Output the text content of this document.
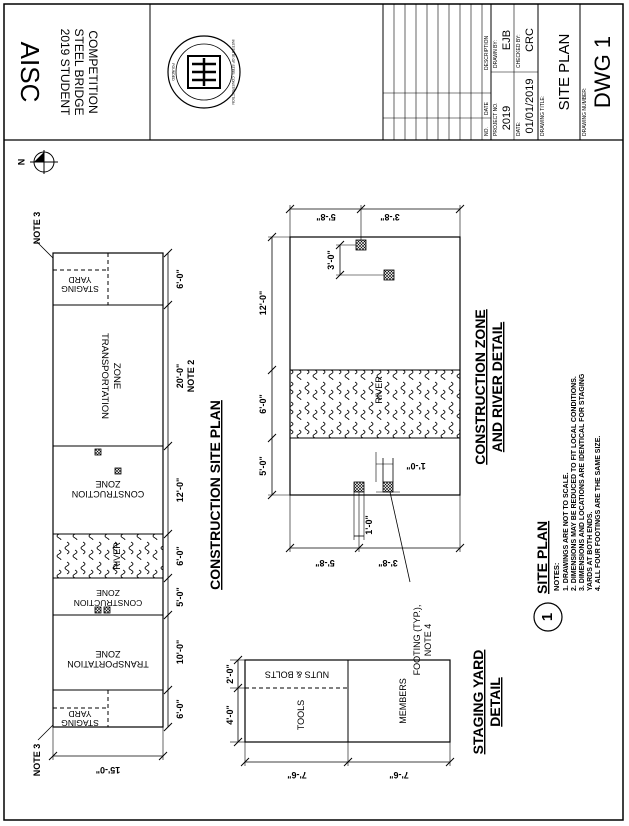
INSTITUTE OF STEEL CONSTRUCTION
FOUNDED
AISC 2019 STUDENT STEEL BRIDGE COMPETITION
NO.
DATE
DESCRIPTION
PROJECT NO. 2019
DRAWN BY:
EJB
DATE: 01/01/2019
CHECKED BY: CRC
DRAWING TITLE:
SITE PLAN
DRAWING NUMBER:
DWG 1
N
STAGING
YARD
TRANSPORTATION ZONE
CONSTRUCTION
ZONE
RIVER
CONSTRUCTION
ZONE
TRANSPORTATION
ZONE
STAGING
YARD
6'-0"
20'-0" NOTE 2
12'-0"
6'-0"
5'-0"
10'-0"
6'-0"
15'-0"
NOTE 3
NOTE 3
CONSTRUCTION SITE PLAN
RIVER
5'-8"	3'-8"
5'-8"	3'-8"
12'-0"
6'-0"
5'-0"
3'-0"
1'-0"
1'-0"
FOOTING (TYP.), NOTE 4
CONSTRUCTION ZONE AND RIVER DETAIL
NUTS & BOLTS
TOOLS	MEMBERS
2'-0"
4'-0"
7'-6"	7'-6"
STAGING YARD DETAIL
1
SITE PLAN NOTES: 1. DRAWINGS ARE NOT TO SCALE. 2. DIMENSIONS MAY BE REDUCED TO FIT LOCAL CONDITIONS. 3. DIMENSIONS AND LOCATIONS ARE IDENTICAL FOR STAGING YARDS AT BOTH ENDS. 4. ALL FOUR FOOTINGS ARE THE SAME SIZE.
